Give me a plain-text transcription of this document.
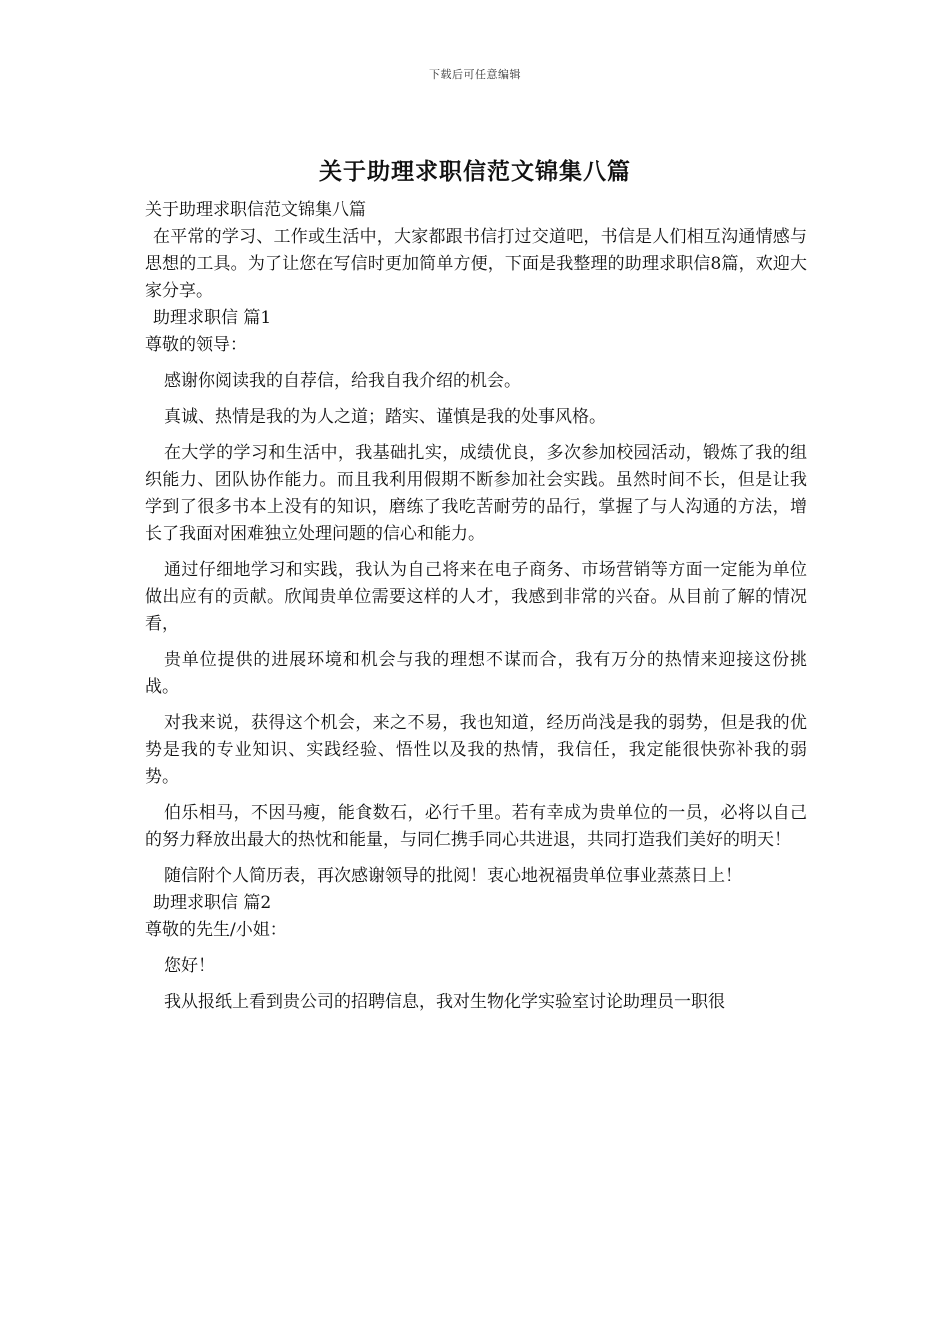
下载后可任意编辑
关于助理求职信范文锦集八篇

关于助理求职信范文锦集八篇

在平常的学习、工作或生活中，大家都跟书信打过交道吧，书信是人们相互沟通情感与思想的工具。为了让您在写信时更加简单方便，下面是我整理的助理求职信8篇，欢迎大家分享。

助理求职信 篇1

尊敬的领导：

感谢你阅读我的自荐信，给我自我介绍的机会。

真诚、热情是我的为人之道；踏实、谨慎是我的处事风格。

在大学的学习和生活中，我基础扎实，成绩优良，多次参加校园活动，锻炼了我的组织能力、团队协作能力。而且我利用假期不断参加社会实践。虽然时间不长，但是让我学到了很多书本上没有的知识，磨练了我吃苦耐劳的品行，掌握了与人沟通的方法，增长了我面对困难独立处理问题的信心和能力。

通过仔细地学习和实践，我认为自己将来在电子商务、市场营销等方面一定能为单位做出应有的贡献。欣闻贵单位需要这样的人才，我感到非常的兴奋。从目前了解的情况看，

贵单位提供的进展环境和机会与我的理想不谋而合，我有万分的热情来迎接这份挑战。

对我来说，获得这个机会，来之不易，我也知道，经历尚浅是我的弱势，但是我的优势是我的专业知识、实践经验、悟性以及我的热情，我信任，我定能很快弥补我的弱势。

伯乐相马，不因马瘦，能食数石，必行千里。若有幸成为贵单位的一员，必将以自己的努力释放出最大的热忱和能量，与同仁携手同心共进退，共同打造我们美好的明天！

随信附个人简历表，再次感谢领导的批阅！衷心地祝福贵单位事业蒸蒸日上！

助理求职信 篇2

尊敬的先生/小姐：

您好！

我从报纸上看到贵公司的招聘信息，我对生物化学实验室讨论助理员一职很
